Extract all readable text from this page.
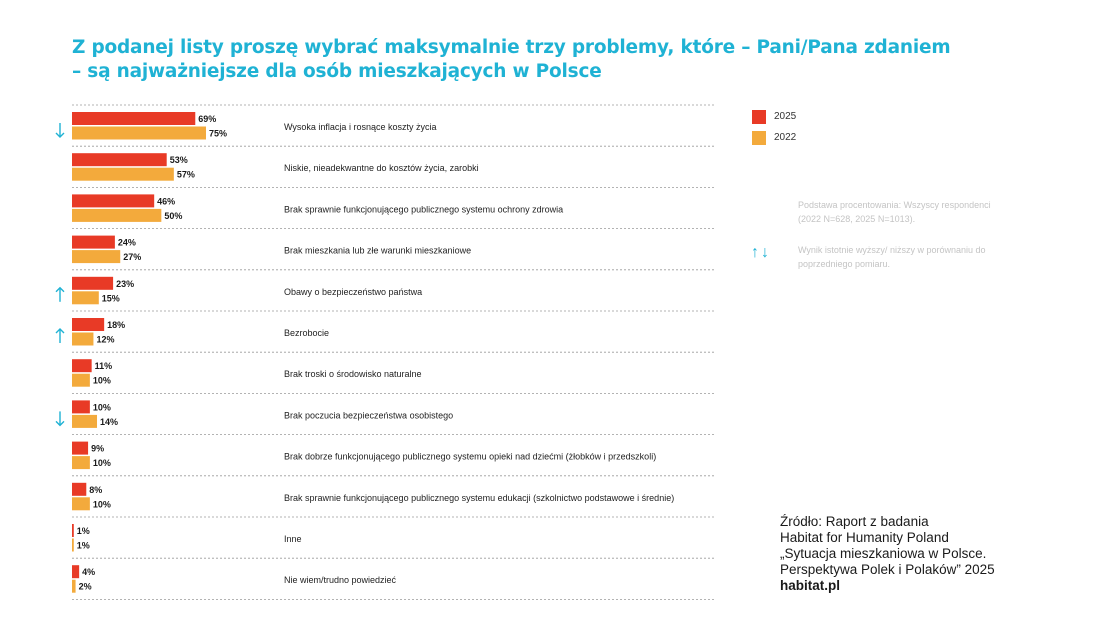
Z podanej listy proszę wybrać maksymalnie trzy problemy, które – Pani/Pana zdaniem
– są najważniejsze dla osób mieszkających w Polsce
69%
75%
Wysoka inflacja i rosnące koszty życia
53%
57%
Niskie, nieadekwantne do kosztów życia, zarobki
46%
50%
Brak sprawnie funkcjonującego publicznego systemu ochrony zdrowia
24%
27%
Brak mieszkania lub złe warunki mieszkaniowe
23%
15%
Obawy o bezpieczeństwo państwa
18%
12%
Bezrobocie
11%
10%
Brak troski o środowisko naturalne
10%
14%
Brak poczucia bezpieczeństwa osobistego
9%
10%
Brak dobrze funkcjonującego publicznego systemu opieki nad dziećmi (żłobków i przedszkoli)
8%
10%
Brak sprawnie funkcjonującego publicznego systemu edukacji (szkolnictwo podstawowe i średnie)
1%
1%
Inne
4%
2%
Nie wiem/trudno powiedzieć
2025
2022
Podstawa procentowania: Wszyscy respondenci
(2022 N=628, 2025 N=1013).
↑↓	Wynik istotnie wyższy/ niższy w porównaniu do
poprzedniego pomiaru.
Źródło: Raport z badania
Habitat for Humanity Poland
„Sytuacja mieszkaniowa w Polsce.
Perspektywa Polek i Polaków” 2025
habitat.pl
